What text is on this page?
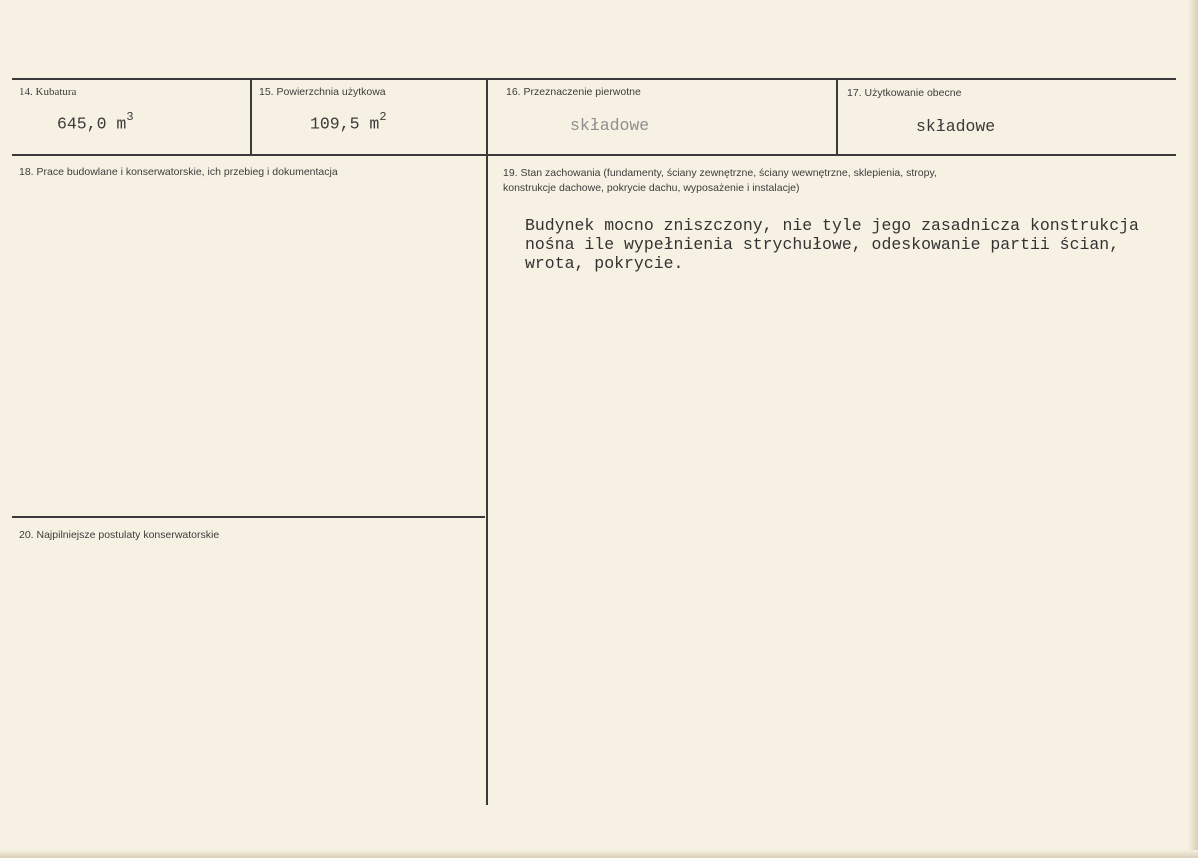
14. Kubatura
645,0 $m^3$
15. Powierzchnia użytkowa
109,5 $m^2$
16. Przeznaczenie pierwotne
składowe
17. Użytkowanie obecne
składowe
18. Prace budowlane i konserwatorskie, ich przebieg i dokumentacja	19. Stan zachowania (fundamenty, ściany zewnętrzne, ściany wewnętrzne, sklepienia, stropy,
konstrukcje dachowe, pokrycie dachu, wyposażenie i instalacje)
Budynek mocno zniszczony, nie tyle jego zasadnicza konstrukcja
nośna ile wypełnienia strychułowe, odeskowanie partii ścian,
wrota, pokrycie.
20. Najpilniejsze postulaty konserwatorskie
